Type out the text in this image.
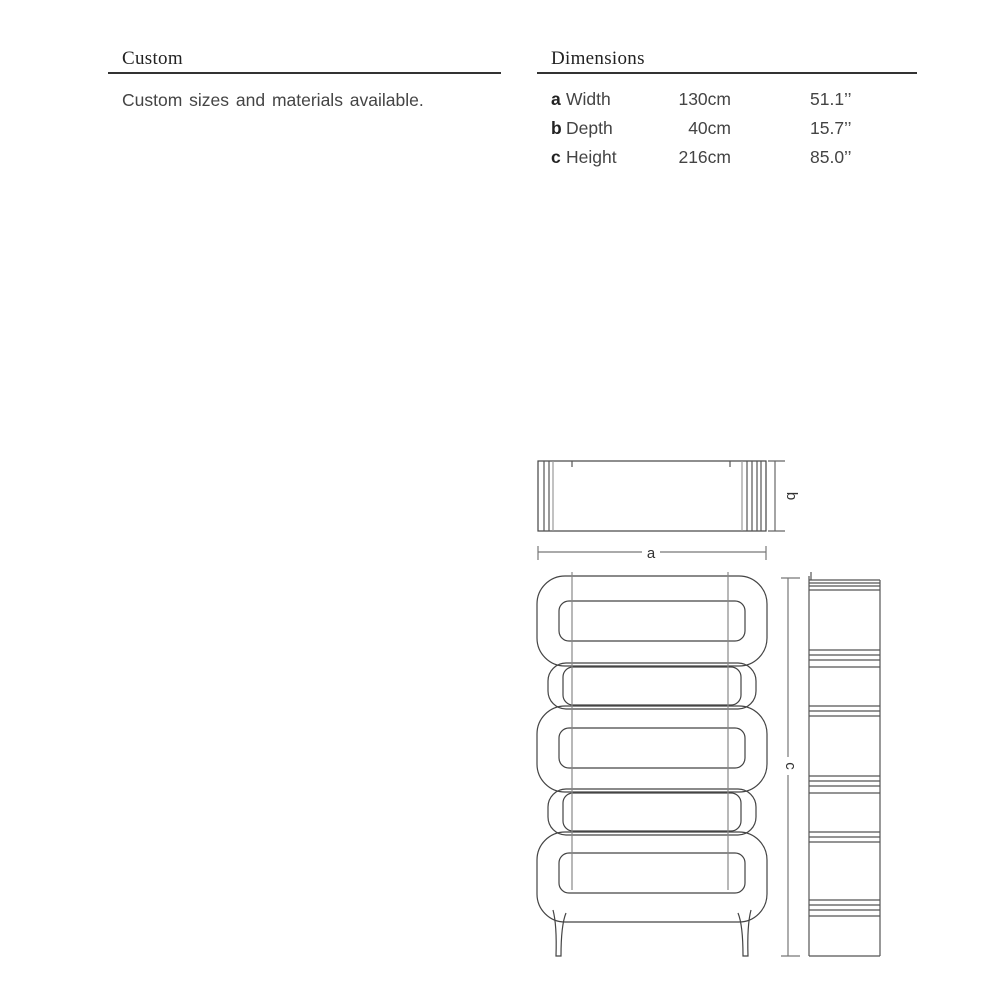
Custom
Custom sizes and materials available.
Dimensions
a Width	130cm	51.1’’
b Depth	40cm	15.7’’
c Height	216cm	85.0’’
b
a
c
